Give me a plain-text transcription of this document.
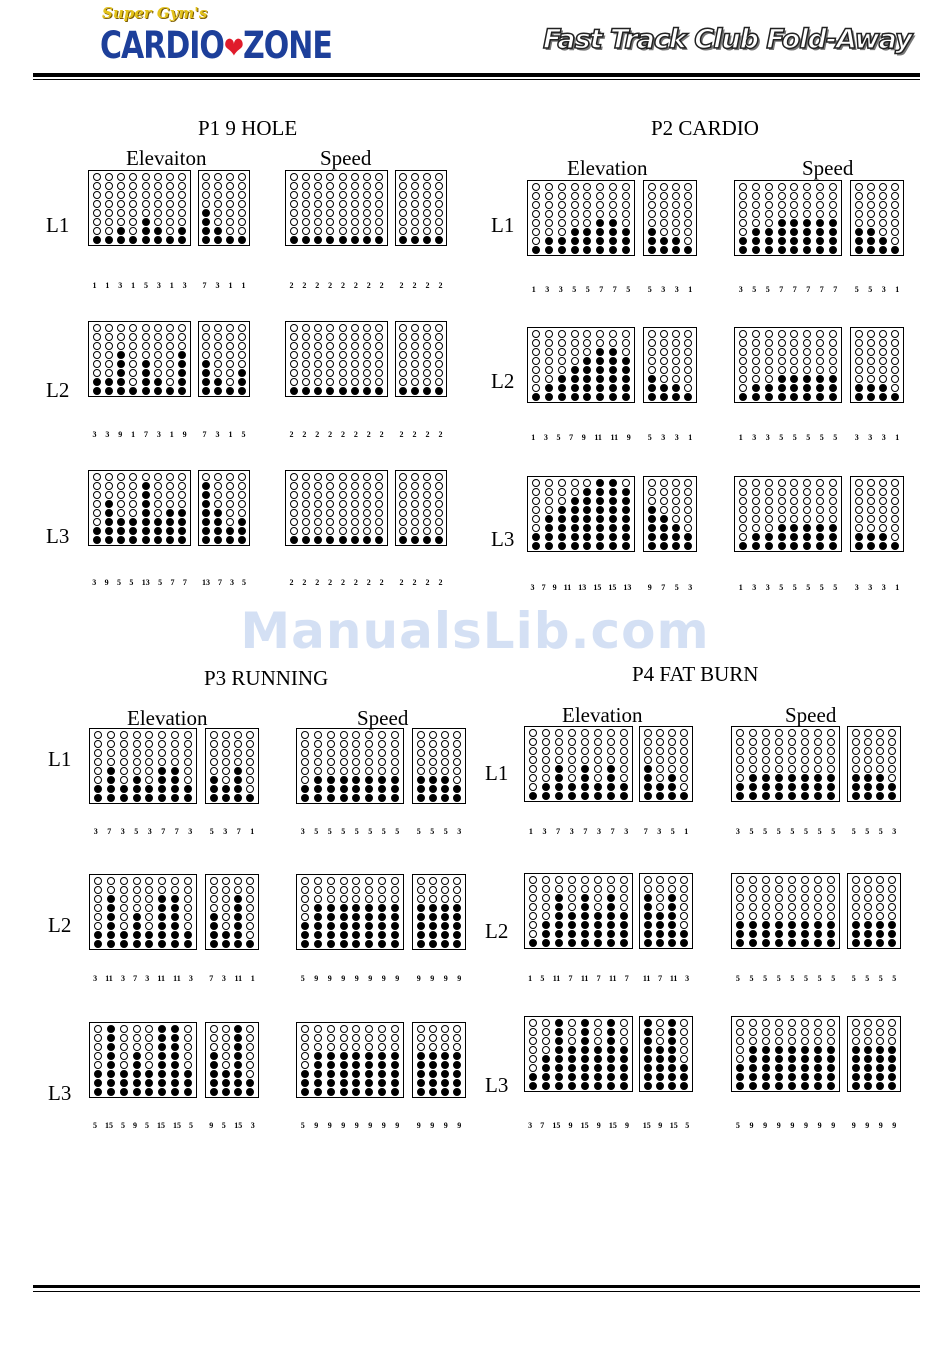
Super Gym's
CARDIO❤ZONE	Fast Track Club Fold-Away
P1 9 HOLE
Elevaiton	Speed
L1
1 1 3 1 5 3 1 3 7 3 1 1	2 2 2 2 2 2 2 2 2 2 2 2
L2
3 3 9 1 7 3 1 9 7 3 1 5	2 2 2 2 2 2 2 2 2 2 2 2
L3
3 9 5 5 13 5 7 7 13 7 3 5	2 2 2 2 2 2 2 2 2 2 2 2
P2 CARDIO
Elevation	Speed
L1
1 3 3 5 5 7 7 5 5 3 3 1	3 5 5 7 7 7 7 7 5 5 3 1
L2
1 3 5 7 9 11 11 9 5 3 3 1	1 3 3 5 5 5 5 5 3 3 3 1
L3
3 7 9 11 13 15 15 13 9 7 5 3	1 3 3 5 5 5 5 5 3 3 3 1
P3 RUNNING
Elevation	Speed
L1
3 7 3 5 3 7 7 3 5 3 7 1	3 5 5 5 5 5 5 5 5 5 5 3
L2
3 11 3 7 3 11 11 3 7 3 11 1	5 9 9 9 9 9 9 9 9 9 9 9
L3
5 15 5 9 5 15 15 5 9 5 15 3	5 9 9 9 9 9 9 9 9 9 9 9
P4 FAT BURN
Elevation	Speed
L1
1 3 7 3 7 3 7 3 7 3 5 1	3 5 5 5 5 5 5 5 5 5 5 3
L2
1 5 11 7 11 7 11 7 11 7 11 3	5 5 5 5 5 5 5 5 5 5 5 5
L3
3 7 15 9 15 9 15 9 15 9 15 5	5 9 9 9 9 9 9 9 9 9 9 9
ManualsLib.com
